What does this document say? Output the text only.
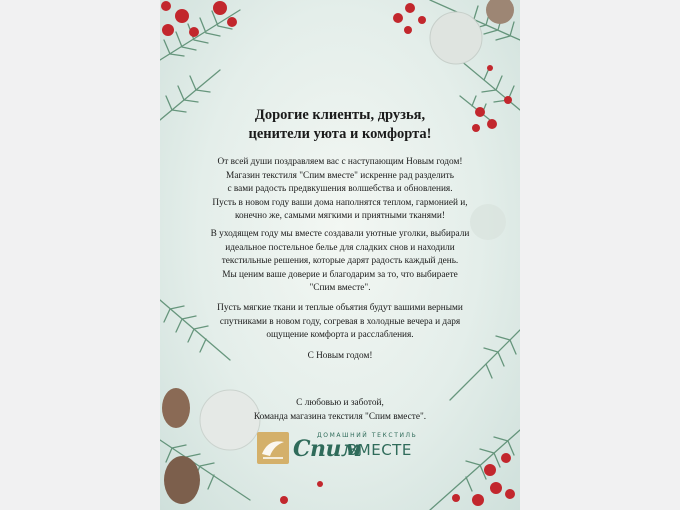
Дорогие клиенты, друзья,
ценители уюта и комфорта!
От всей души поздравляем вас с наступающим Новым годом!
Магазин текстиля "Спим вместе" искренне рад разделить
с вами радость предвкушения волшебства и обновления.
Пусть в новом году ваши дома наполнятся теплом, гармонией и,
конечно же, самыми мягкими и приятными тканями!
В уходящем году мы вместе создавали уютные уголки, выбирали
идеальное постельное белье для сладких снов и находили
текстильные решения, которые дарят радость каждый день.
Мы ценим ваше доверие и благодарим за то, что выбираете
"Спим вместе".
Пусть мягкие ткани и теплые объятия будут вашими верными
спутниками в новом году, согревая в холодные вечера и даря
ощущение комфорта и расслабления.
С Новым годом!
С любовью и заботой,
Команда магазина текстиля "Спим вместе".
ДОМАШНИЙ ТЕКСТИЛЬ
Спим
ВМЕСТЕ
